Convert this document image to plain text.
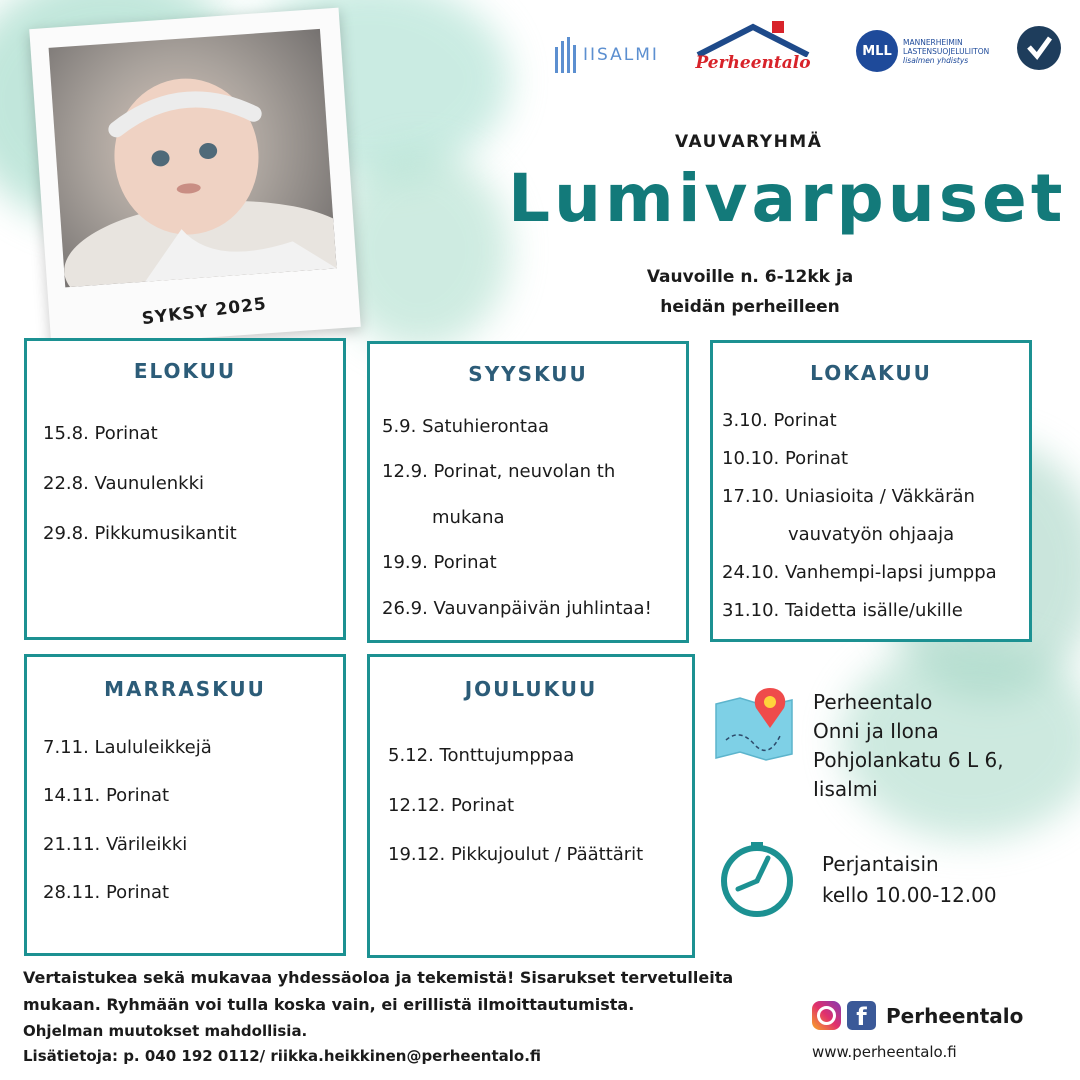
SYKSY 2025
IISALMI Perheentalo
MLL
MANNERHEIMIN
LASTENSUOJELULIITON
Iisalmen yhdistys
VAUVARYHMÄ
Lumivarpuset
Vauvoille n. 6-12kk ja
heidän perheilleen
ELOKUU
15.8. Porinat
22.8. Vaunulenkki
29.8. Pikkumusikantit
SYYSKUU
5.9. Satuhierontaa
12.9. Porinat, neuvolan th
mukana
19.9. Porinat
26.9. Vauvanpäivän juhlintaa!
LOKAKUU
3.10. Porinat
10.10. Porinat
17.10. Uniasioita / Väkkärän
vauvatyön ohjaaja
24.10. Vanhempi-lapsi jumppa
31.10. Taidetta isälle/ukille
MARRASKUU
7.11. Laululeikkejä
14.11. Porinat
21.11. Värileikki
28.11. Porinat
JOULUKUU
5.12. Tonttujumppaa
12.12. Porinat
19.12. Pikkujoulut / Päättärit
Perheentalo
Onni ja Ilona
Pohjolankatu 6 L 6,
Iisalmi
Perjantaisin
kello 10.00-12.00
Vertaistukea sekä mukavaa yhdessäoloa ja tekemistä! Sisarukset tervetulleita
mukaan. Ryhmään voi tulla koska vain, ei erillistä ilmoittautumista.
Ohjelman muutokset mahdollisia.
Lisätietoja: p. 040 192 0112/ riikka.heikkinen@perheentalo.fi
f Perheentalo
www.perheentalo.fi
